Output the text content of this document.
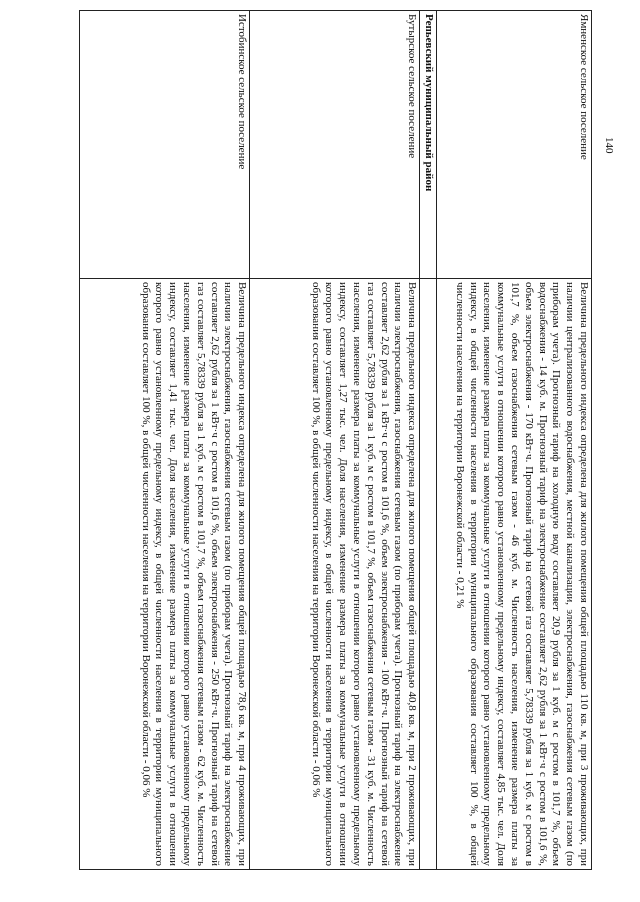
140
Ямненское сельское поселение	Величина предельного индекса определена для жилого помещения общей площадью 110 кв. м, при 3 проживающих, при наличии централизованного водоснабжения, местной канализации, электроснабжения, газоснабжения сетевым газом (по приборам учета). Прогнозный тариф на холодную воду составляет 20,9 рубля за 1 куб. м с ростом в 101,7 %, объем водоснабжения - 14 куб. м. Прогнозный тариф на электроснабжение составляет 2,62 рубля за 1 кВт·ч с ростом в 101,6 %, объем электроснабжения - 170 кВт·ч. Прогнозный тариф на сетевой газ составляет 5,78339 рубля за 1 куб. м с ростом в 101,7 %, объем газоснабжения сетевым газом - 46 куб. м. Численность населения, изменение размера платы за коммунальные услуги в отношении которого равно установленному предельному индексу, составляет 4,85 тыс. чел. Доля населения, изменение размера платы за коммунальные услуги в отношении которого равно установленному предельному индексу, в общей численности населения в территории муниципального образования составляет 100 %, в общей численности населения на территории Воронежской области - 0,21 %
Репьевский муниципальный район	
Бутырское сельское поселение	Величина предельного индекса определена для жилого помещения общей площадью 40,8 кв. м, при 2 проживающих, при наличии электроснабжения, газоснабжения сетевым газом (по приборам учета). Прогнозный тариф на электроснабжение составляет 2,62 рубля за 1 кВт·ч с ростом в 101,6 %, объем электроснабжения - 100 кВт·ч. Прогнозный тариф на сетевой газ составляет 5,78339 рубля за 1 куб. м с ростом в 101,7 %, объем газоснабжения сетевым газом - 31 куб. м. Численность населения, изменение размера платы за коммунальные услуги в отношении которого равно установленному предельному индексу, составляет 1,27 тыс. чел. Доля населения, изменение размера платы за коммунальные услуги в отношении которого равно установленному предельному индексу, в общей численности населения в территории муниципального образования составляет 100 %, в общей численности населения на территории Воронежской области - 0,06 %
Истобинское сельское поселение	Величина предельного индекса определена для жилого помещения общей площадью 78,6 кв. м, при 4 проживающих, при наличии электроснабжения, газоснабжения сетевым газом (по приборам учета). Прогнозный тариф на электроснабжение составляет 2,62 рубля за 1 кВт·ч с ростом в 101,6 %, объем электроснабжения - 250 кВт·ч. Прогнозный тариф на сетевой газ составляет 5,78339 рубля за 1 куб. м с ростом в 101,7 %, объем газоснабжения сетевым газом - 62 куб. м. Численность населения, изменение размера платы за коммунальные услуги в отношении которого равно установленному предельному индексу, составляет 1,41 тыс. чел. Доля населения, изменение размера платы за коммунальные услуги в отношении которого равно установленному предельному индексу, в общей численности населения в территории муниципального образования составляет 100 %, в общей численности населения на территории Воронежской области - 0,06 %
